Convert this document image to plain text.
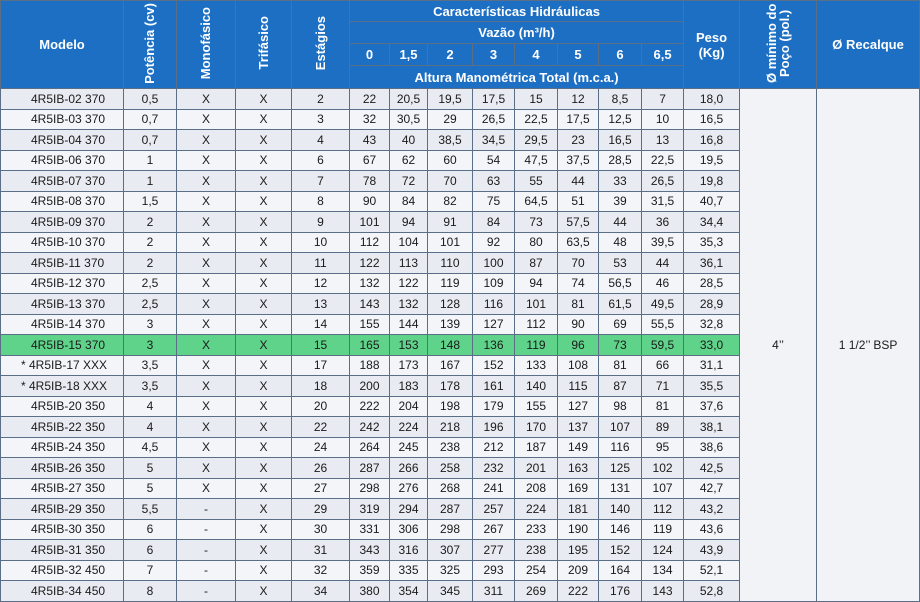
Modelo	Potência (cv)	Monofásico	Trifásico	Estágios	Características Hidráulicas								Peso (Kg)	Ø mínimo do Poço (pol.)	Ø Recalque
					Vazão (m³/h)										
					0	1,5	2	3	4	5	6	6,5			
					Altura Manométrica Total (m.c.a.)										
4R5IB-02 370	0,5	X	X	2	22	20,5	19,5	17,5	15	12	8,5	7	18,0	4’’	1 1/2’’ BSP
4R5IB-03 370	0,7	X	X	3	32	30,5	29	26,5	22,5	17,5	12,5	10	16,5		
4R5IB-04 370	0,7	X	X	4	43	40	38,5	34,5	29,5	23	16,5	13	16,8		
4R5IB-06 370	1	X	X	6	67	62	60	54	47,5	37,5	28,5	22,5	19,5		
4R5IB-07 370	1	X	X	7	78	72	70	63	55	44	33	26,5	19,8		
4R5IB-08 370	1,5	X	X	8	90	84	82	75	64,5	51	39	31,5	40,7		
4R5IB-09 370	2	X	X	9	101	94	91	84	73	57,5	44	36	34,4		
4R5IB-10 370	2	X	X	10	112	104	101	92	80	63,5	48	39,5	35,3		
4R5IB-11 370	2	X	X	11	122	113	110	100	87	70	53	44	36,1		
4R5IB-12 370	2,5	X	X	12	132	122	119	109	94	74	56,5	46	28,5		
4R5IB-13 370	2,5	X	X	13	143	132	128	116	101	81	61,5	49,5	28,9		
4R5IB-14 370	3	X	X	14	155	144	139	127	112	90	69	55,5	32,8		
4R5IB-15 370	3	X	X	15	165	153	148	136	119	96	73	59,5	33,0		
* 4R5IB-17 XXX	3,5	X	X	17	188	173	167	152	133	108	81	66	31,1		
* 4R5IB-18 XXX	3,5	X	X	18	200	183	178	161	140	115	87	71	35,5		
4R5IB-20 350	4	X	X	20	222	204	198	179	155	127	98	81	37,6		
4R5IB-22 350	4	X	X	22	242	224	218	196	170	137	107	89	38,1		
4R5IB-24 350	4,5	X	X	24	264	245	238	212	187	149	116	95	38,6		
4R5IB-26 350	5	X	X	26	287	266	258	232	201	163	125	102	42,5		
4R5IB-27 350	5	X	X	27	298	276	268	241	208	169	131	107	42,7		
4R5IB-29 350	5,5	-	X	29	319	294	287	257	224	181	140	112	43,2		
4R5IB-30 350	6	-	X	30	331	306	298	267	233	190	146	119	43,6		
4R5IB-31 350	6	-	X	31	343	316	307	277	238	195	152	124	43,9		
4R5IB-32 450	7	-	X	32	359	335	325	293	254	209	164	134	52,1		
4R5IB-34 450	8	-	X	34	380	354	345	311	269	222	176	143	52,8		
